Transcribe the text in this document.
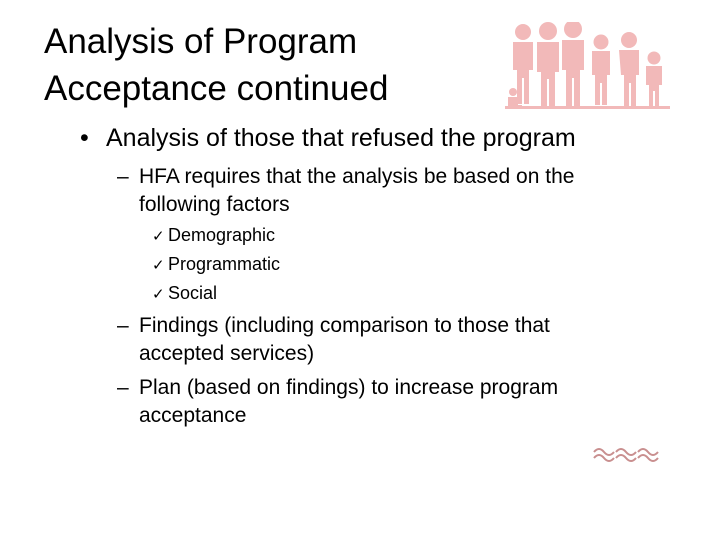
Analysis of Program
Acceptance continued
• Analysis of those that refused the program
– HFA requires that the analysis be based on the
following factors
✓ Demographic
✓ Programmatic
✓ Social
– Findings (including comparison to those that
accepted services)
– Plan (based on findings) to increase program
acceptance
